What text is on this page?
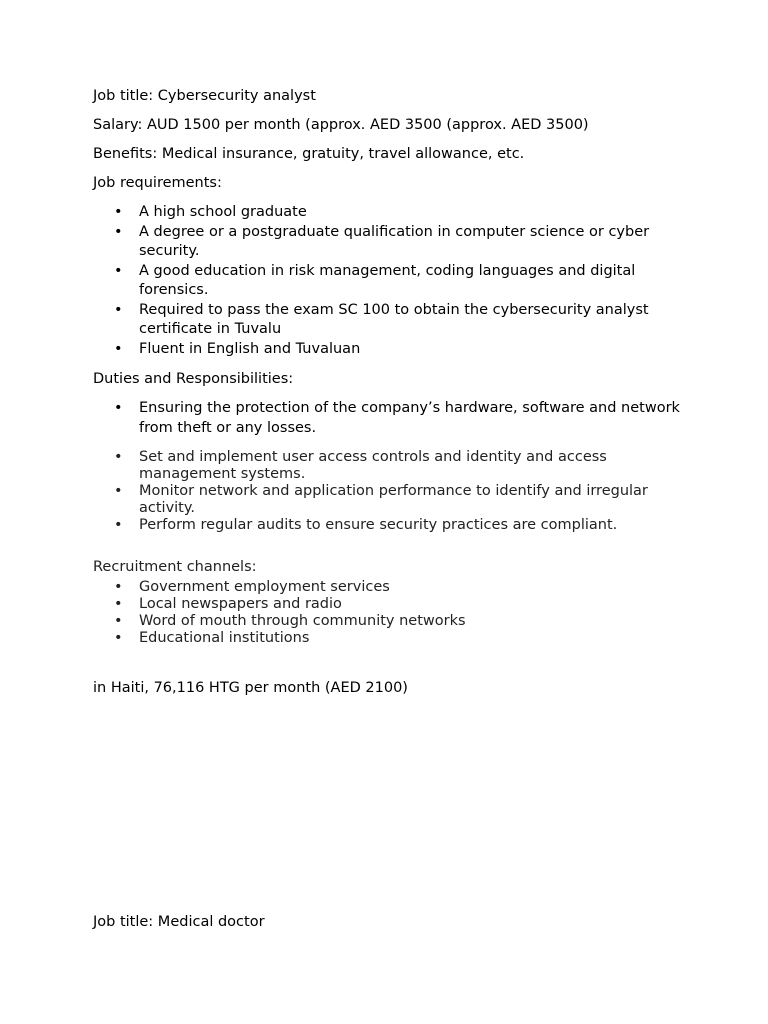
Job title: Cybersecurity analyst

Salary: AUD 1500 per month (approx. AED 3500 (approx. AED 3500)

Benefits: Medical insurance, gratuity, travel allowance, etc.

Job requirements:

• A high school graduate
• A degree or a postgraduate qualification in computer science or cyber security.
• A good education in risk management, coding languages and digital forensics.
• Required to pass the exam SC 100 to obtain the cybersecurity analyst certificate in Tuvalu
• Fluent in English and Tuvaluan

Duties and Responsibilities:

• Ensuring the protection of the company’s hardware, software and network from theft or any losses.
• Set and implement user access controls and identity and access management systems.
• Monitor network and application performance to identify and irregular activity.
• Perform regular audits to ensure security practices are compliant.

Recruitment channels:

• Government employment services
• Local newspapers and radio
• Word of mouth through community networks
• Educational institutions

in Haiti, 76,116 HTG per month (AED 2100)

Job title: Medical doctor
